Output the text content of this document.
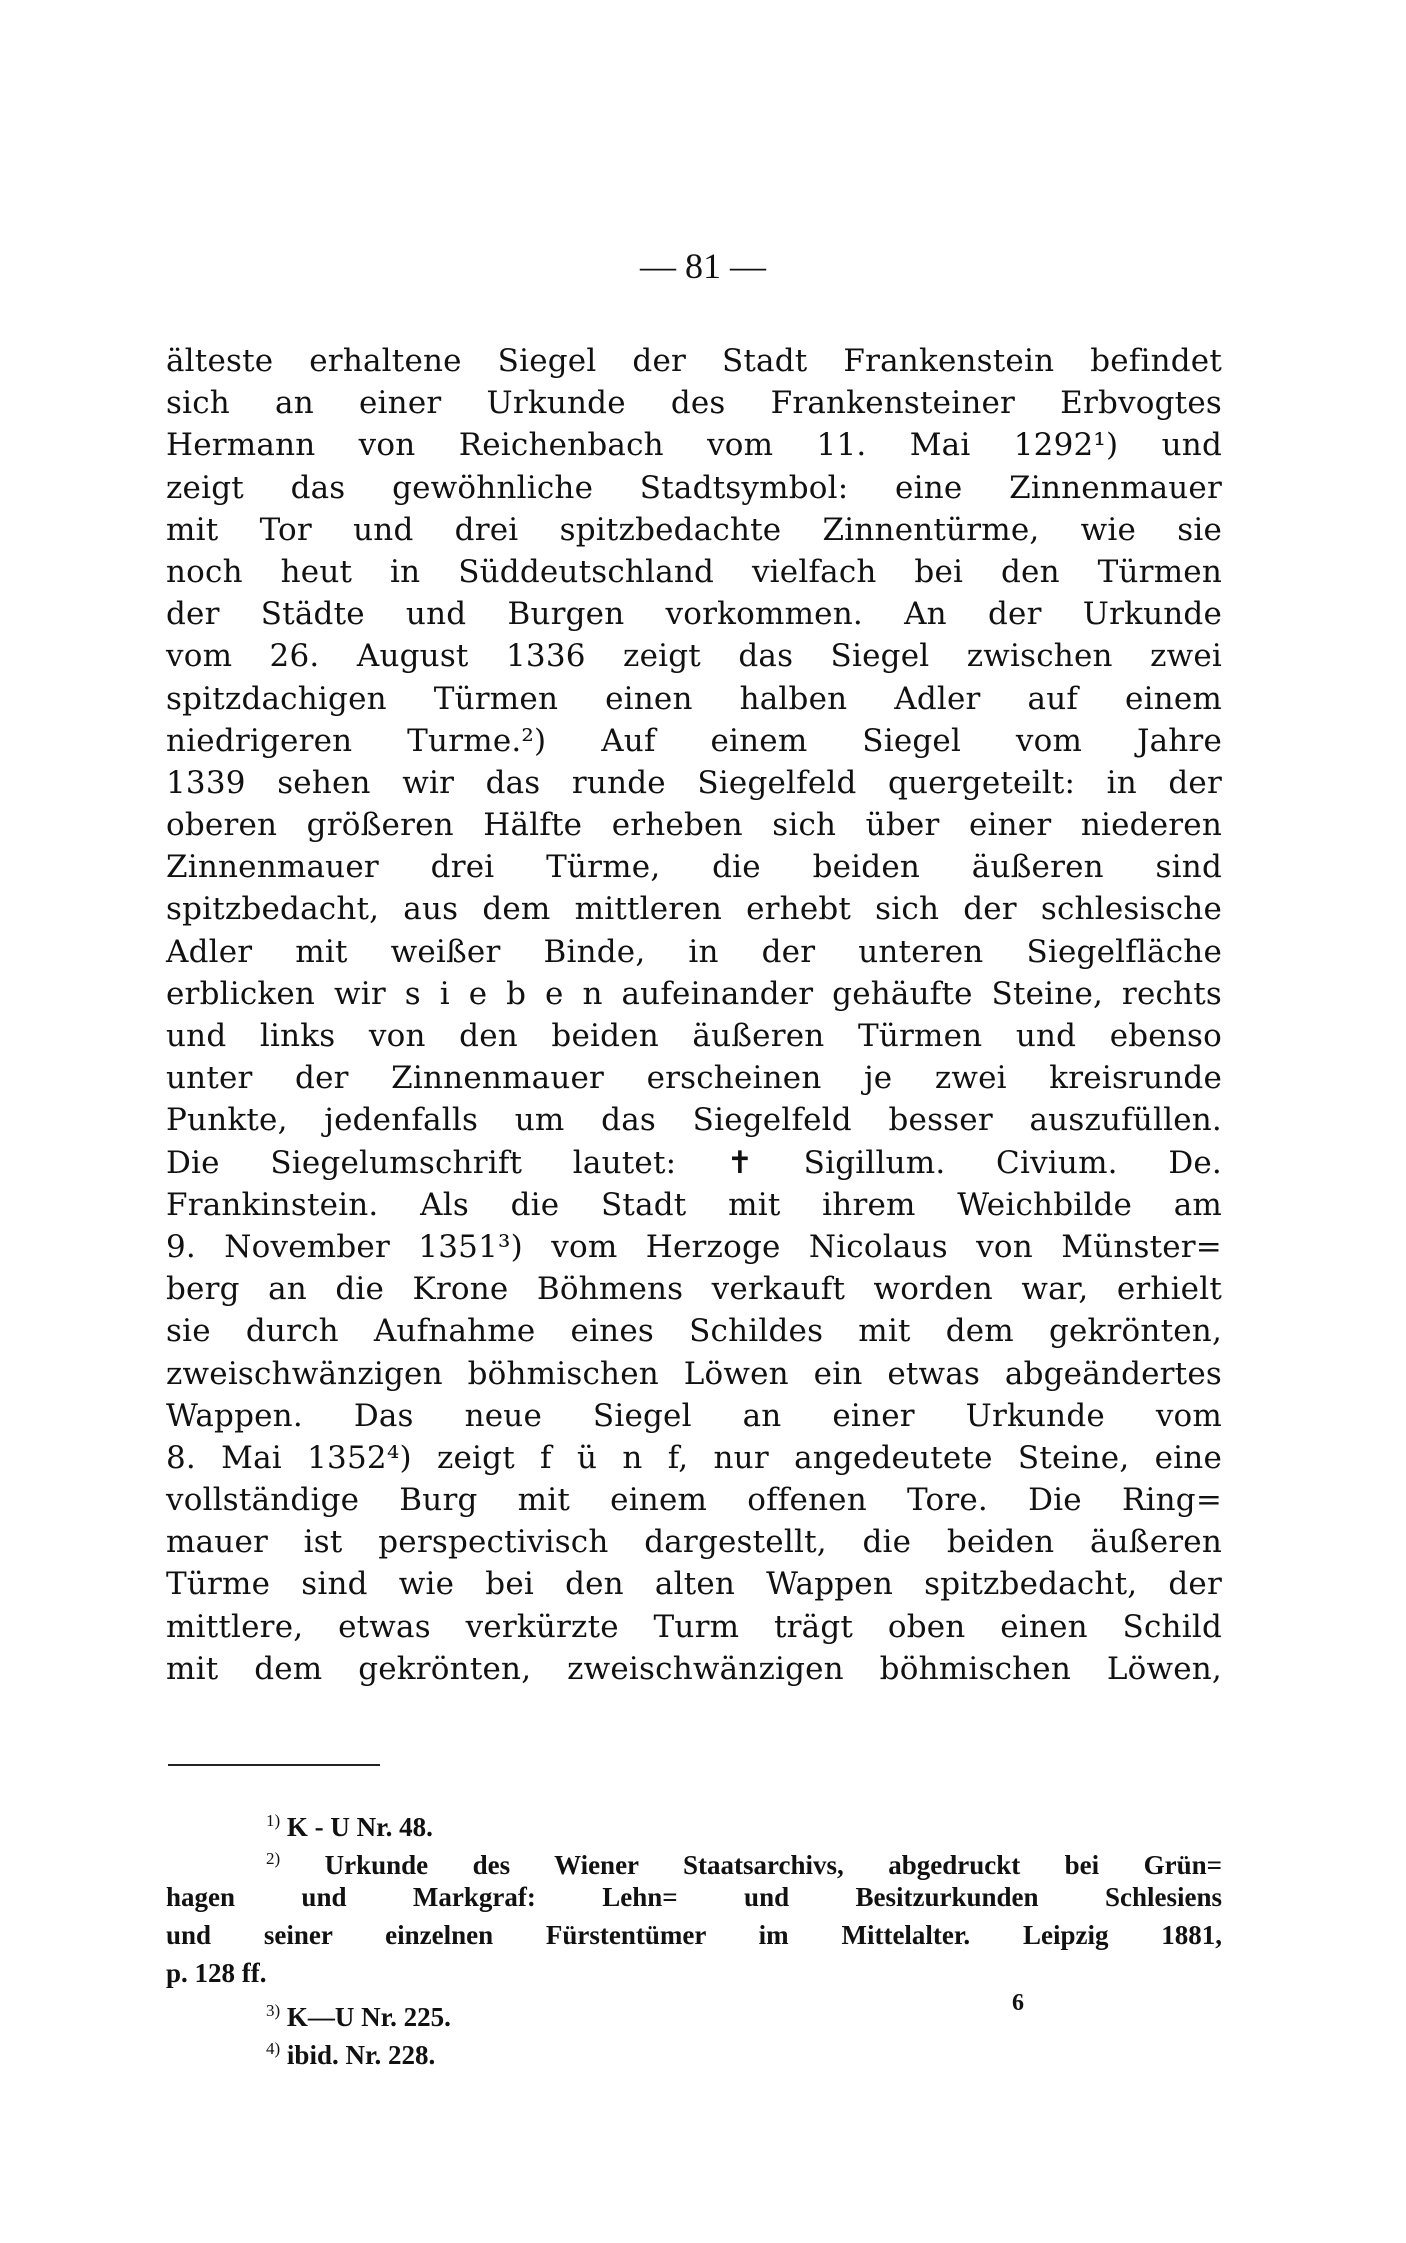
— 81 —
älteste erhaltene Siegel der Stadt Frankenstein befindet
sich an einer Urkunde des Frankensteiner Erbvogtes
Hermann von Reichenbach vom 11. Mai 1292¹) und
zeigt das gewöhnliche Stadtsymbol: eine Zinnenmauer
mit Tor und drei spitzbedachte Zinnentürme, wie sie
noch heut in Süddeutschland vielfach bei den Türmen
der Städte und Burgen vorkommen. An der Urkunde
vom 26. August 1336 zeigt das Siegel zwischen zwei
spitzdachigen Türmen einen halben Adler auf einem
niedrigeren Turme.²) Auf einem Siegel vom Jahre
1339 sehen wir das runde Siegelfeld quergeteilt: in der
oberen größeren Hälfte erheben sich über einer niederen
Zinnenmauer drei Türme, die beiden äußeren sind
spitzbedacht, aus dem mittleren erhebt sich der schlesische
Adler mit weißer Binde, in der unteren Siegelfläche
erblicken wir s i e b e n aufeinander gehäufte Steine, rechts
und links von den beiden äußeren Türmen und ebenso
unter der Zinnenmauer erscheinen je zwei kreisrunde
Punkte, jedenfalls um das Siegelfeld besser auszufüllen.
Die Siegelumschrift lautet: ✝ Sigillum. Civium. De.
Frankinstein. Als die Stadt mit ihrem Weichbilde am
9. November 1351³) vom Herzoge Nicolaus von Münster=
berg an die Krone Böhmens verkauft worden war, erhielt
sie durch Aufnahme eines Schildes mit dem gekrönten,
zweischwänzigen böhmischen Löwen ein etwas abgeändertes
Wappen. Das neue Siegel an einer Urkunde vom
8. Mai 1352⁴) zeigt f ü n f, nur angedeutete Steine, eine
vollständige Burg mit einem offenen Tore. Die Ring=
mauer ist perspectivisch dargestellt, die beiden äußeren
Türme sind wie bei den alten Wappen spitzbedacht, der
mittlere, etwas verkürzte Turm trägt oben einen Schild
mit dem gekrönten, zweischwänzigen böhmischen Löwen,
$^{1)}$ K - U Nr. 48.
$^{2)}$ Urkunde des Wiener Staatsarchivs, abgedruckt bei Grün=
hagen und Markgraf: Lehn= und Besitzurkunden Schlesiens
und seiner einzelnen Fürstentümer im Mittelalter. Leipzig 1881,
p. 128 ff.
$^{3)}$ K—U Nr. 225.
$^{4)}$ ibid. Nr. 228.
6
